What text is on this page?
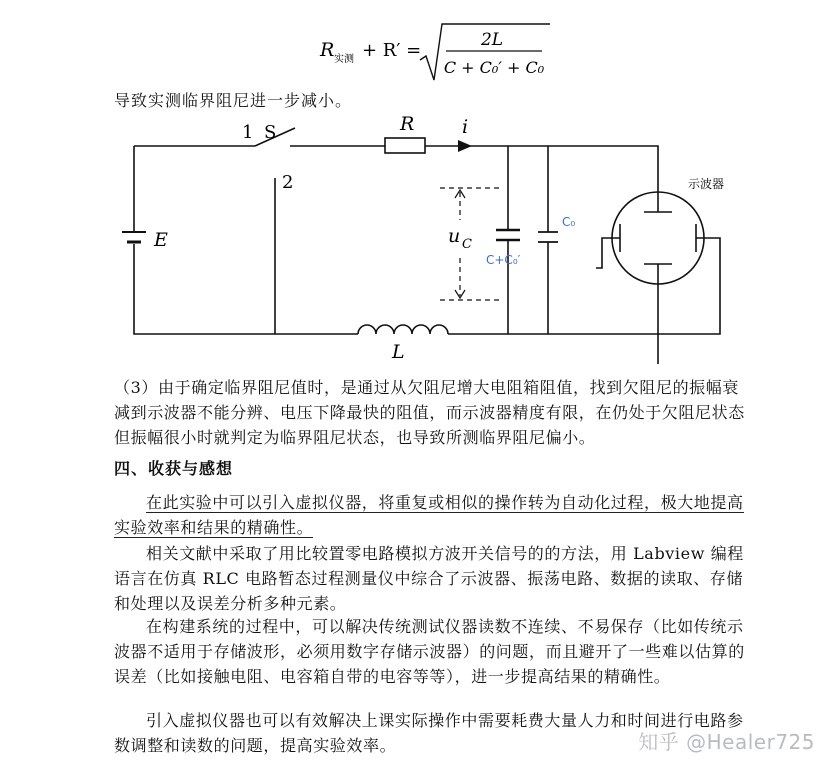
R 实测 + R′ =	2L
C + C₀′ + C₀
导致实测临界阻尼进一步减小。
1 S
2
R	i
E	u C
C+C₀′
C₀
示波器
L
（3）由于确定临界阻尼值时，是通过从欠阻尼增大电阻箱阻值，找到欠阻尼的振幅衰减到示波器不能分辨、电压下降最快的阻值，而示波器精度有限，在仍处于欠阻尼状态但振幅很小时就判定为临界阻尼状态，也导致所测临界阻尼偏小。
四、收获与感想
在此实验中可以引入虚拟仪器，将重复或相似的操作转为自动化过程，极大地提高实验效率和结果的精确性。
相关文献中采取了用比较置零电路模拟方波开关信号的的方法，用 Labview 编程语言在仿真 RLC 电路暂态过程测量仪中综合了示波器、振荡电路、数据的读取、存储和处理以及误差分析多种元素。
在构建系统的过程中，可以解决传统测试仪器读数不连续、不易保存（比如传统示波器不适用于存储波形，必须用数字存储示波器）的问题，而且避开了一些难以估算的误差（比如接触电阻、电容箱自带的电容等等），进一步提高结果的精确性。
引入虚拟仪器也可以有效解决上课实际操作中需要耗费大量人力和时间进行电路参数调整和读数的问题，提高实验效率。	知乎 @Healer725
